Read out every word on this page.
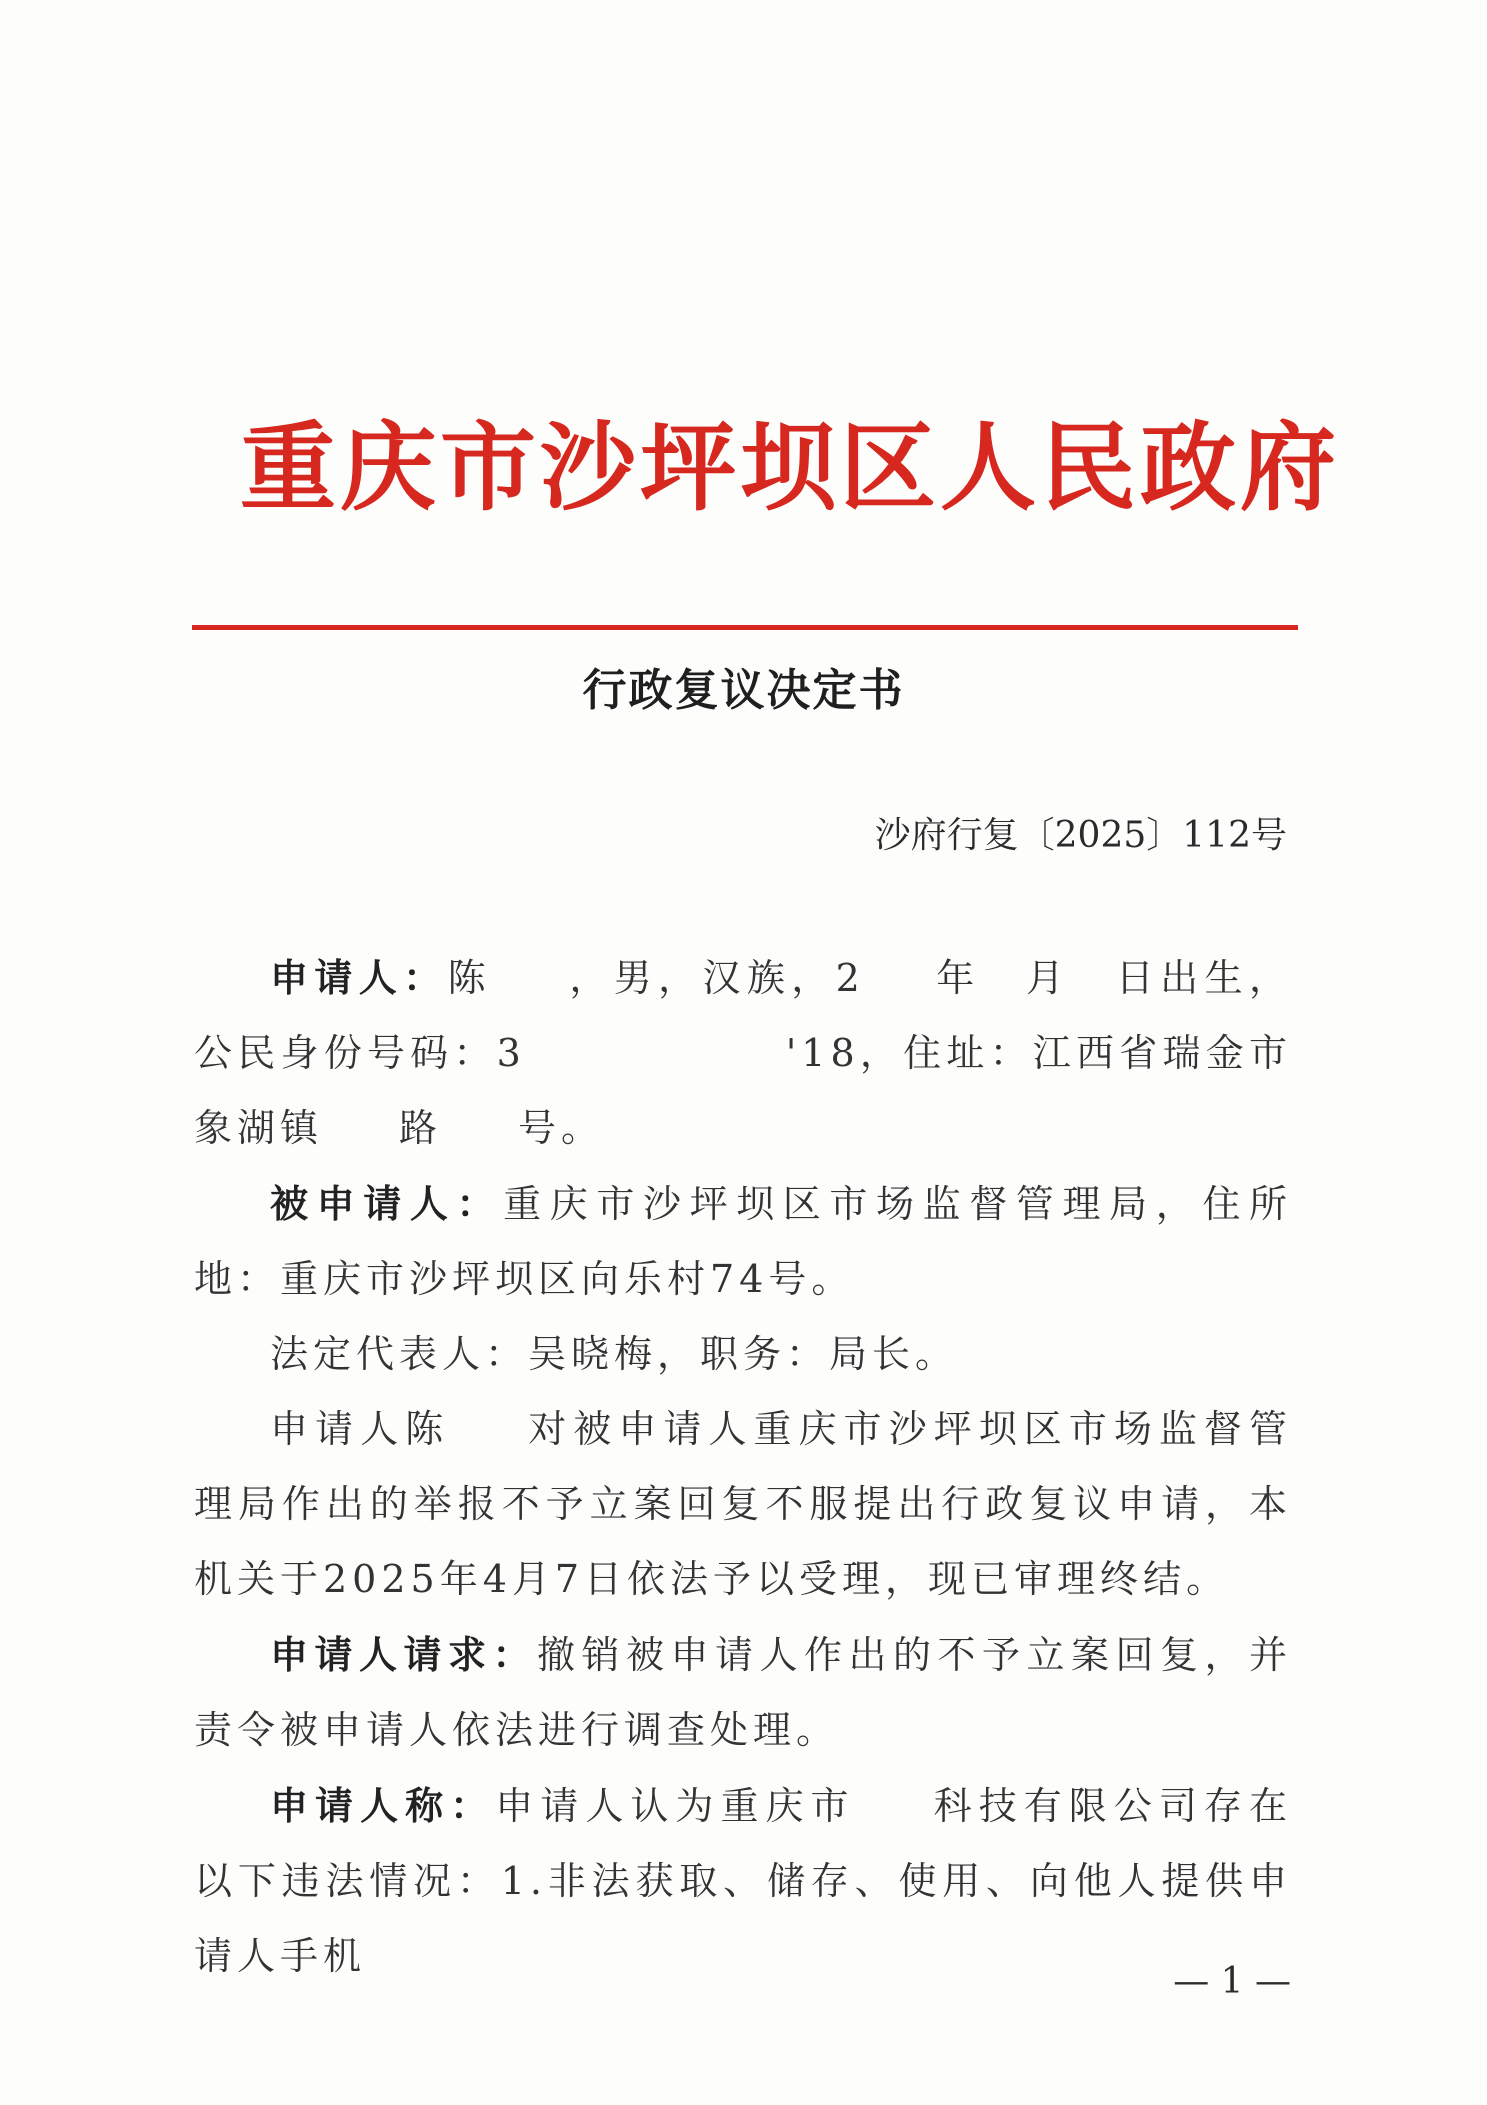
重庆市沙坪坝区人民政府
行政复议决定书
沙府行复〔2025〕112号

申请人：陈 ，男，汉族，2 年 月 日出生，公民身份号码：3	'18，住址：江西省瑞金市象湖镇 路 号。

被申请人：重庆市沙坪坝区市场监督管理局，住所地：重庆市沙坪坝区向乐村74号。

法定代表人：吴晓梅，职务：局长。

申请人陈 对被申请人重庆市沙坪坝区市场监督管理局作出的举报不予立案回复不服提出行政复议申请，本机关于2025年4月7日依法予以受理，现已审理终结。

申请人请求：撤销被申请人作出的不予立案回复，并责令被申请人依法进行调查处理。

申请人称：申请人认为重庆市 科技有限公司存在以下违法情况：1.非法获取、储存、使用、向他人提供申请人手机

— 1 —
